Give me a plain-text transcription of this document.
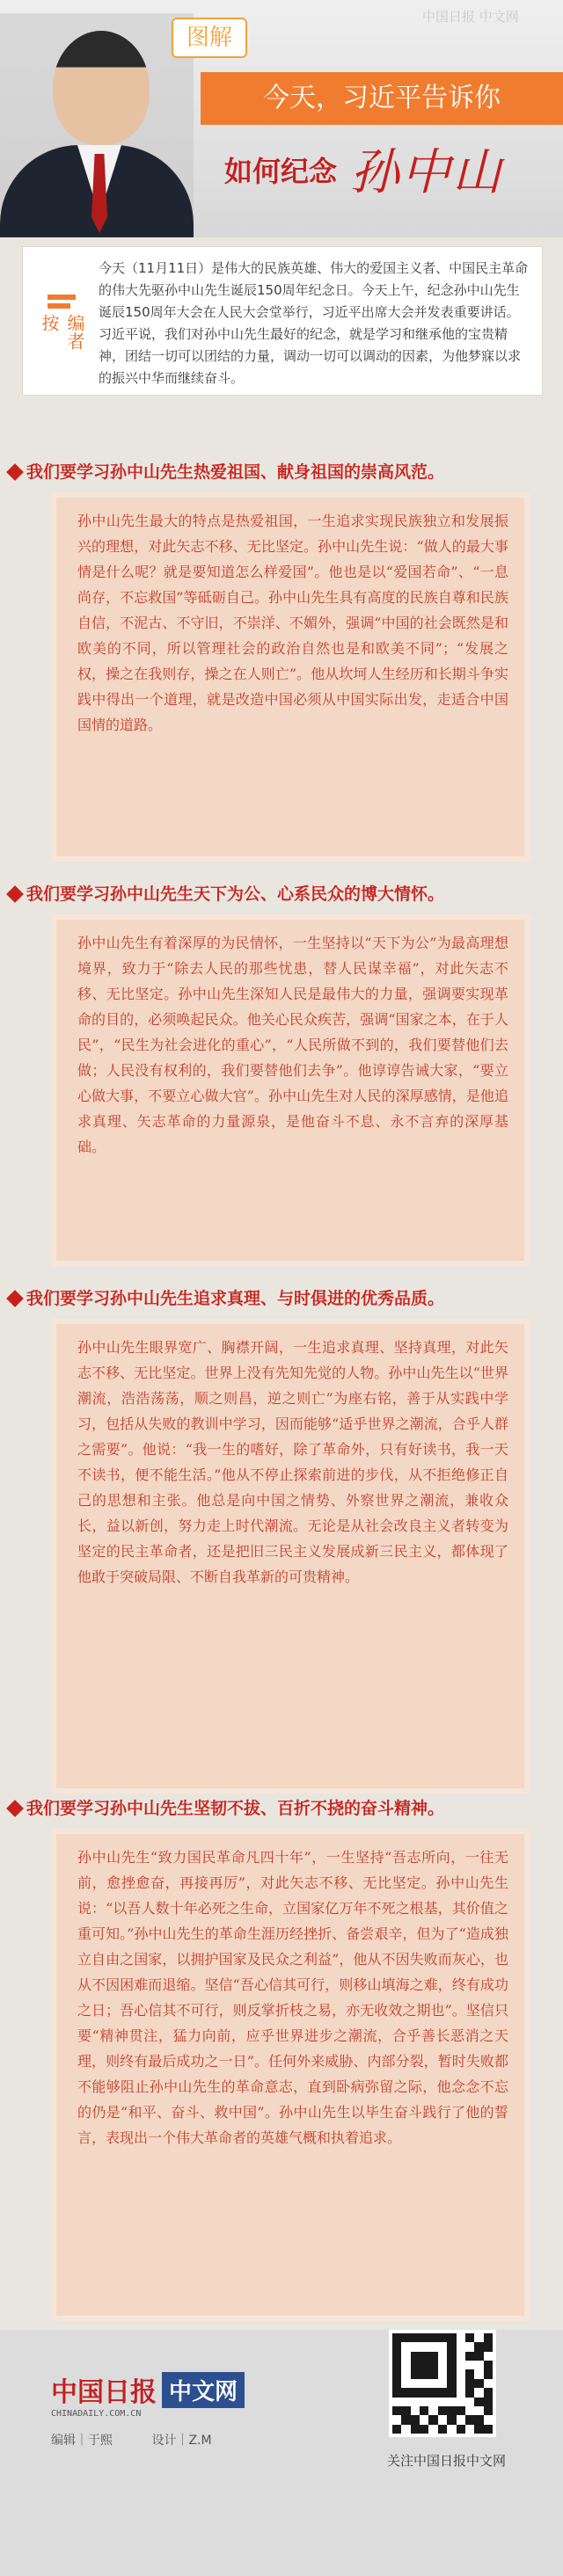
图解
中国日报 中文网
今天，习近平告诉你
如何纪念 孙中山
编者按
今天（11月11日）是伟大的民族英雄、伟大的爱国主义者、中国民主革命的伟大先驱孙中山先生诞辰150周年纪念日。今天上午，纪念孙中山先生诞辰150周年大会在人民大会堂举行，习近平出席大会并发表重要讲话。习近平说，我们对孙中山先生最好的纪念，就是学习和继承他的宝贵精神，团结一切可以团结的力量，调动一切可以调动的因素，为他梦寐以求的振兴中华而继续奋斗。
我们要学习孙中山先生热爱祖国、献身祖国的崇高风范。
孙中山先生最大的特点是热爱祖国，一生追求实现民族独立和发展振兴的理想，对此矢志不移、无比坚定。孙中山先生说：“做人的最大事情是什么呢？就是要知道怎么样爱国”。他也是以“爱国若命”、“一息尚存，不忘救国”等砥砺自己。孙中山先生具有高度的民族自尊和民族自信，不泥古、不守旧，不崇洋、不媚外，强调“中国的社会既然是和欧美的不同，所以管理社会的政治自然也是和欧美不同”；“发展之权，操之在我则存，操之在人则亡”。他从坎坷人生经历和长期斗争实践中得出一个道理，就是改造中国必须从中国实际出发，走适合中国国情的道路。
我们要学习孙中山先生天下为公、心系民众的博大情怀。
孙中山先生有着深厚的为民情怀，一生坚持以“天下为公”为最高理想境界，致力于“除去人民的那些忧患，替人民谋幸福”，对此矢志不移、无比坚定。孙中山先生深知人民是最伟大的力量，强调要实现革命的目的，必须唤起民众。他关心民众疾苦，强调“国家之本，在于人民”，“民生为社会进化的重心”，“人民所做不到的，我们要替他们去做；人民没有权利的，我们要替他们去争”。他谆谆告诫大家，“要立心做大事，不要立心做大官”。孙中山先生对人民的深厚感情，是他追求真理、矢志革命的力量源泉，是他奋斗不息、永不言弃的深厚基础。
我们要学习孙中山先生追求真理、与时俱进的优秀品质。
孙中山先生眼界宽广、胸襟开阔，一生追求真理、坚持真理，对此矢志不移、无比坚定。世界上没有先知先觉的人物。孙中山先生以“世界潮流，浩浩荡荡，顺之则昌，逆之则亡”为座右铭，善于从实践中学习，包括从失败的教训中学习，因而能够“适乎世界之潮流，合乎人群之需要”。他说：“我一生的嗜好，除了革命外，只有好读书，我一天不读书，便不能生活。”他从不停止探索前进的步伐，从不拒绝修正自己的思想和主张。他总是向中国之情势、外察世界之潮流，兼收众长，益以新创，努力走上时代潮流。无论是从社会改良主义者转变为坚定的民主革命者，还是把旧三民主义发展成新三民主义，都体现了他敢于突破局限、不断自我革新的可贵精神。
我们要学习孙中山先生坚韧不拔、百折不挠的奋斗精神。
孙中山先生“致力国民革命凡四十年”，一生坚持“吾志所向，一往无前，愈挫愈奋，再接再厉”，对此矢志不移、无比坚定。孙中山先生说：“以吾人数十年必死之生命，立国家亿万年不死之根基，其价值之重可知。”孙中山先生的革命生涯历经挫折、备尝艰辛，但为了“造成独立自由之国家，以拥护国家及民众之利益”，他从不因失败而灰心，也从不因困难而退缩。坚信“吾心信其可行，则移山填海之难，终有成功之日；吾心信其不可行，则反掌折枝之易，亦无收效之期也”。坚信只要“精神贯注，猛力向前，应乎世界进步之潮流，合乎善长恶消之天理，则终有最后成功之一日”。任何外来威胁、内部分裂，暂时失败都不能够阻止孙中山先生的革命意志，直到卧病弥留之际，他念念不忘的仍是“和平、奋斗、救中国”。孙中山先生以毕生奋斗践行了他的誓言，表现出一个伟大革命者的英雄气概和执着追求。
中国日报 中文网
CHINADAILY.COM.CN
编辑｜于熙	设计｜Z.M
关注中国日报中文网
